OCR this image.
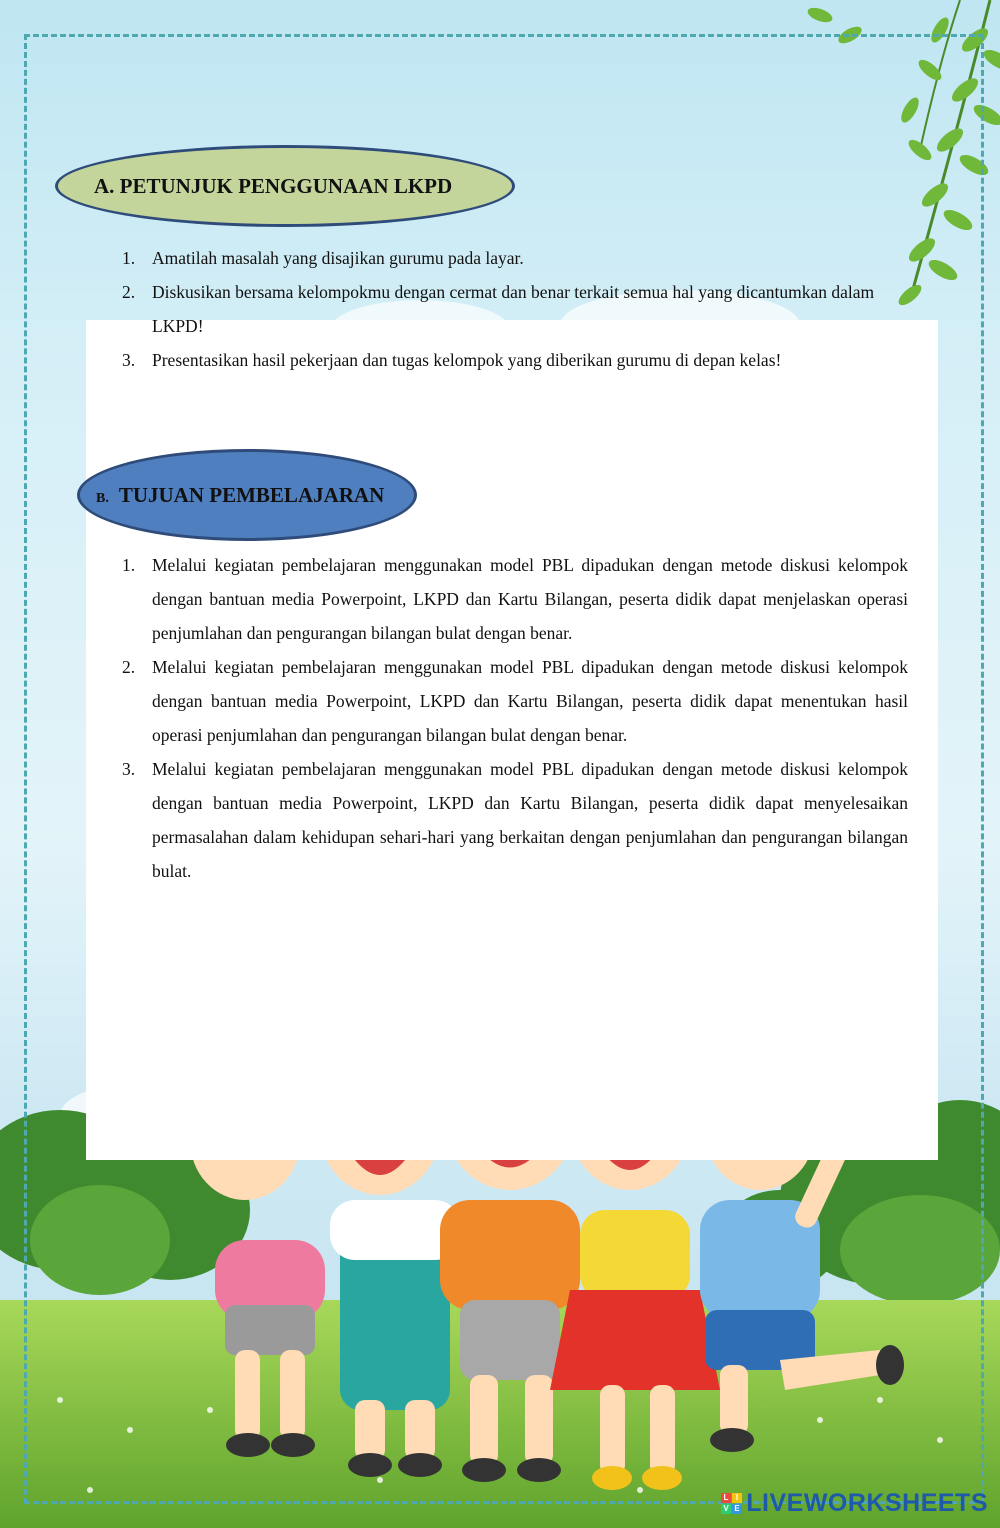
A. PETUNJUK PENGGUNAAN LKPD
1. Amatilah masalah yang disajikan gurumu pada layar.
2. Diskusikan bersama kelompokmu dengan cermat dan benar terkait semua hal yang dicantumkan dalam LKPD!
3. Presentasikan hasil pekerjaan dan tugas kelompok yang diberikan gurumu di depan kelas!
B. TUJUAN PEMBELAJARAN
1. Melalui kegiatan pembelajaran menggunakan model PBL dipadukan dengan metode diskusi kelompok dengan bantuan media Powerpoint, LKPD dan Kartu Bilangan, peserta didik dapat menjelaskan operasi penjumlahan dan pengurangan bilangan bulat dengan benar.
2. Melalui kegiatan pembelajaran menggunakan model PBL dipadukan dengan metode diskusi kelompok dengan bantuan media Powerpoint, LKPD dan Kartu Bilangan, peserta didik dapat menentukan hasil operasi penjumlahan dan pengurangan bilangan bulat dengan benar.
3. Melalui kegiatan pembelajaran menggunakan model PBL dipadukan dengan metode diskusi kelompok dengan bantuan media Powerpoint, LKPD dan Kartu Bilangan, peserta didik dapat menyelesaikan permasalahan dalam kehidupan sehari-hari yang berkaitan dengan penjumlahan dan pengurangan bilangan bulat.
L I
V E LIVEWORKSHEETS
